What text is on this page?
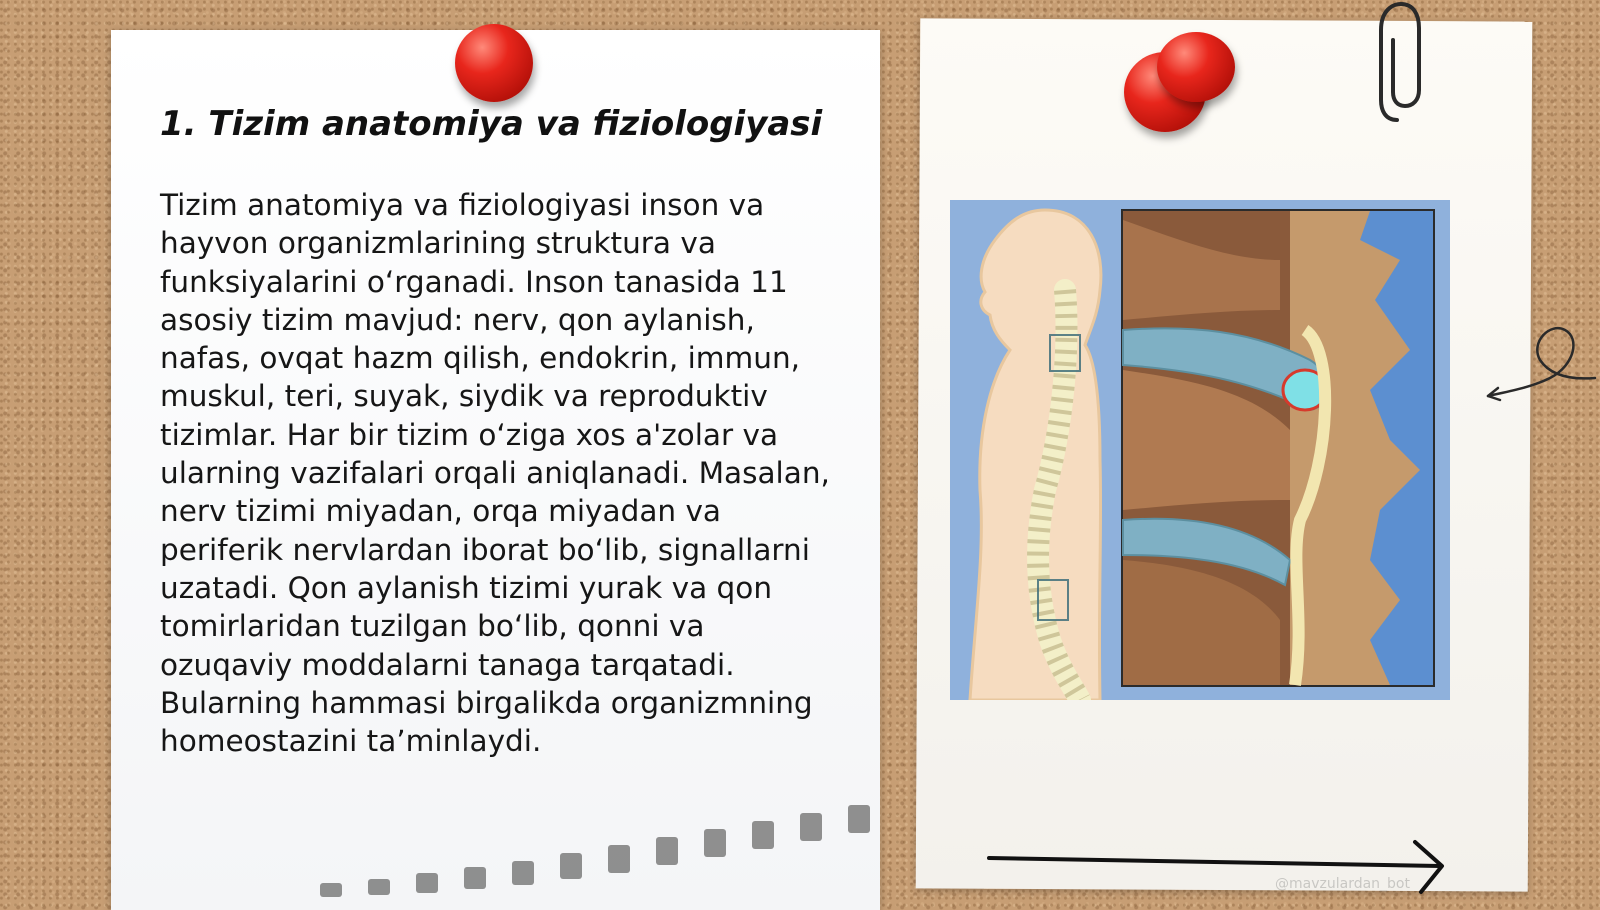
1. Tizim anatomiya va fiziologiyasi

Tizim anatomiya va fiziologiyasi inson va hayvon organizmlarining struktura va funksiyalarini o‘rganadi. Inson tanasida 11 asosiy tizim mavjud: nerv, qon aylanish, nafas, ovqat hazm qilish, endokrin, immun, muskul, teri, suyak, siydik va reproduktiv tizimlar. Har bir tizim o‘ziga xos a'zolar va ularning vazifalari orqali aniqlanadi. Masalan, nerv tizimi miyadan, orqa miyadan va periferik nervlardan iborat bo‘lib, signallarni uzatadi. Qon aylanish tizimi yurak va qon tomirlaridan tuzilgan bo‘lib, qonni va ozuqaviy moddalarni tanaga tarqatadi. Bularning hammasi birgalikda organizmning homeostazini ta’minlaydi.

@mavzulardan_bot
